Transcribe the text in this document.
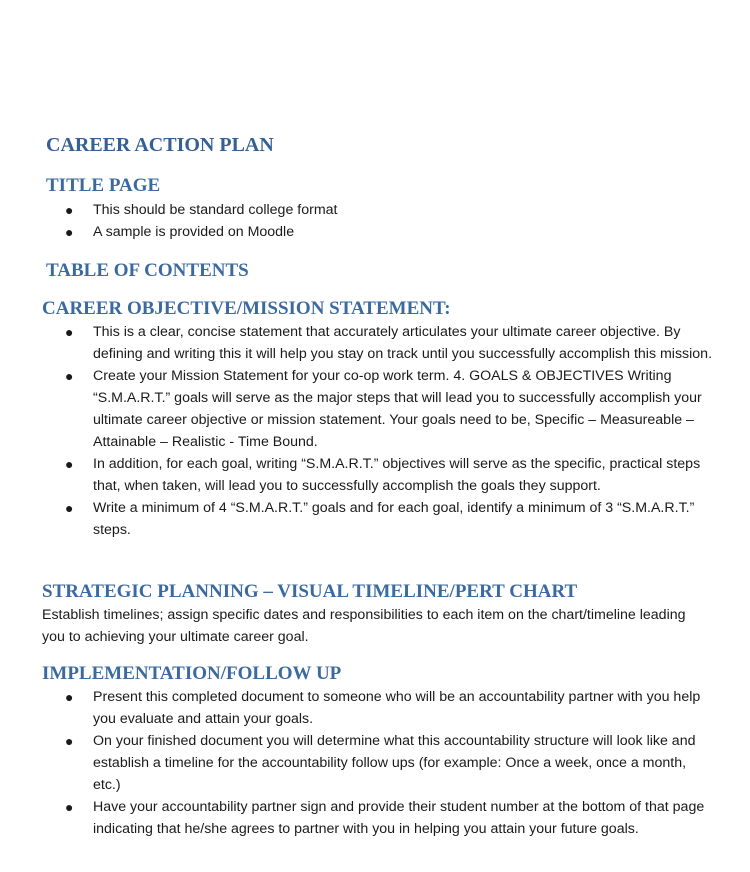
CAREER ACTION PLAN
TITLE PAGE
● This should be standard college format
● A sample is provided on Moodle
TABLE OF CONTENTS
CAREER OBJECTIVE/MISSION STATEMENT:
● This is a clear, concise statement that accurately articulates your ultimate career objective. By defining and writing this it will help you stay on track until you successfully accomplish this mission.
● Create your Mission Statement for your co-op work term. 4. GOALS & OBJECTIVES Writing “S.M.A.R.T.” goals will serve as the major steps that will lead you to successfully accomplish your ultimate career objective or mission statement. Your goals need to be, Specific – Measureable – Attainable – Realistic - Time Bound.
● In addition, for each goal, writing “S.M.A.R.T.” objectives will serve as the specific, practical steps that, when taken, will lead you to successfully accomplish the goals they support.
● Write a minimum of 4 “S.M.A.R.T.” goals and for each goal, identify a minimum of 3 “S.M.A.R.T.” steps.
STRATEGIC PLANNING – VISUAL TIMELINE/PERT CHART

Establish timelines; assign specific dates and responsibilities to each item on the chart/timeline leading you to achieving your ultimate career goal.

IMPLEMENTATION/FOLLOW UP
● Present this completed document to someone who will be an accountability partner with you help you evaluate and attain your goals.
● On your finished document you will determine what this accountability structure will look like and establish a timeline for the accountability follow ups (for example: Once a week, once a month, etc.)
● Have your accountability partner sign and provide their student number at the bottom of that page indicating that he/she agrees to partner with you in helping you attain your future goals.
